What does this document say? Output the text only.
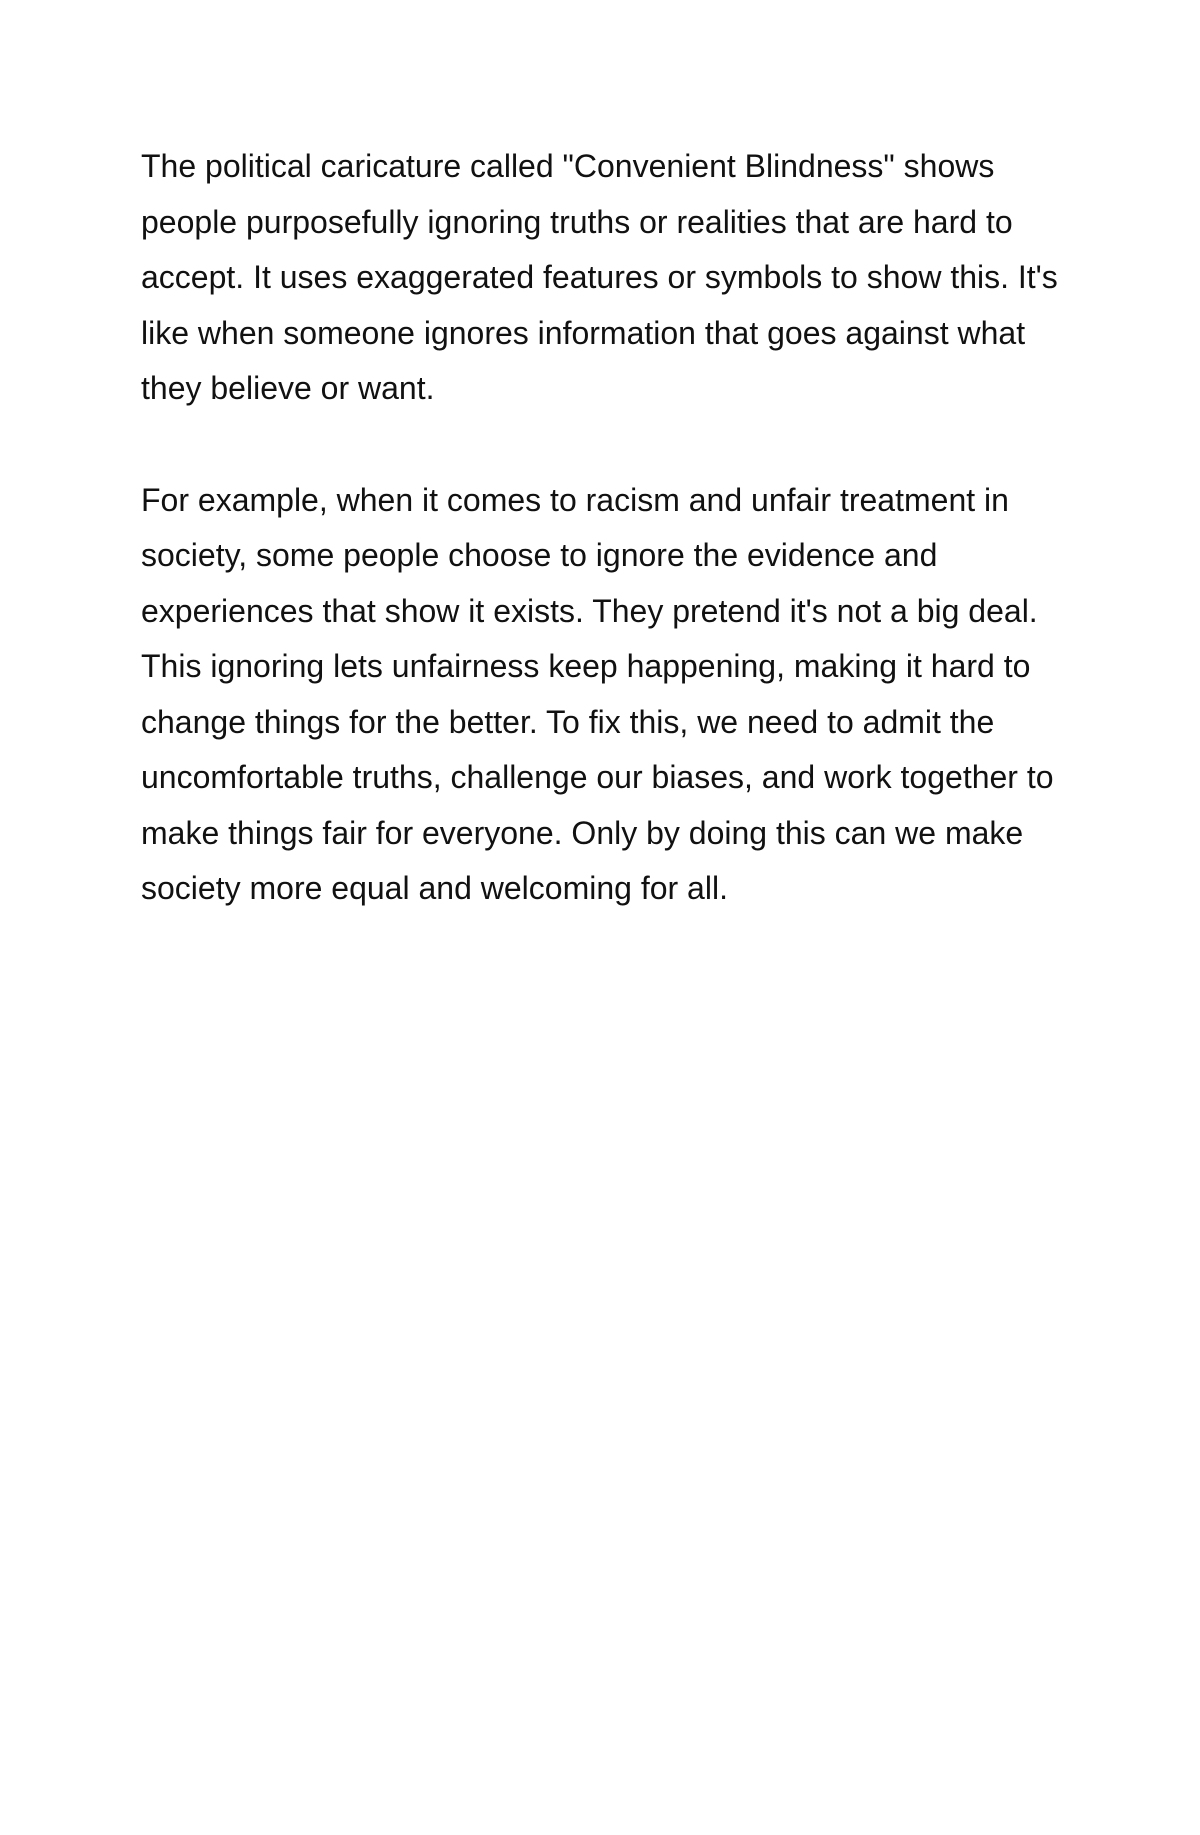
The political caricature called "Convenient Blindness" shows people purposefully ignoring truths or realities that are hard to accept. It uses exaggerated features or symbols to show this. It's like when someone ignores information that goes against what they believe or want.

For example, when it comes to racism and unfair treatment in society, some people choose to ignore the evidence and experiences that show it exists. They pretend it's not a big deal. This ignoring lets unfairness keep happening, making it hard to change things for the better. To fix this, we need to admit the uncomfortable truths, challenge our biases, and work together to make things fair for everyone. Only by doing this can we make society more equal and welcoming for all.
